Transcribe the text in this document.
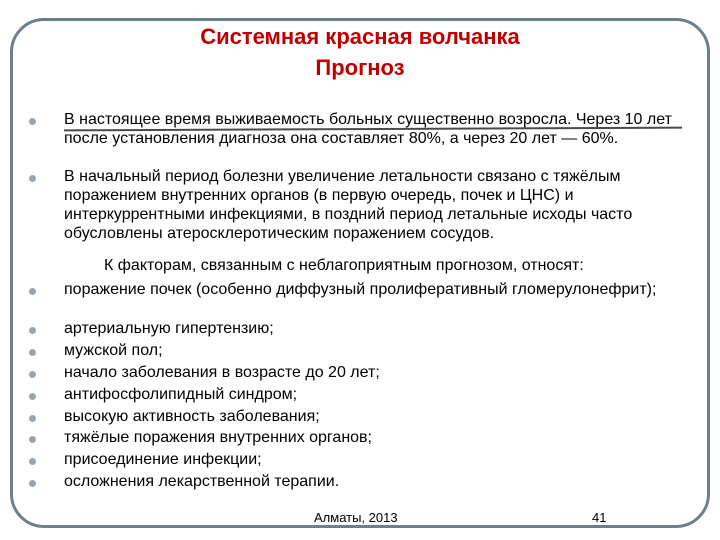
Системная красная волчанка
Прогноз
В настоящее время выживаемость больных существенно возросла. Через 10 лет после установления диагноза она составляет 80%, а через 20 лет — 60%.
В начальный период болезни увеличение летальности связано с тяжёлым поражением внутренних органов (в первую очередь, почек и ЦНС) и интеркуррентными инфекциями, в поздний период летальные исходы часто обусловлены атеросклеротическим поражением сосудов.
К факторам, связанным с неблагоприятным прогнозом, относят:
поражение почек (особенно диффузный пролиферативный гломерулонефрит);
артериальную гипертензию;
мужской пол;
начало заболевания в возрасте до 20 лет;
антифосфолипидный синдром;
высокую активность заболевания;
тяжёлые поражения внутренних органов;
присоединение инфекции;
осложнения лекарственной терапии.
Алматы, 2013	41
